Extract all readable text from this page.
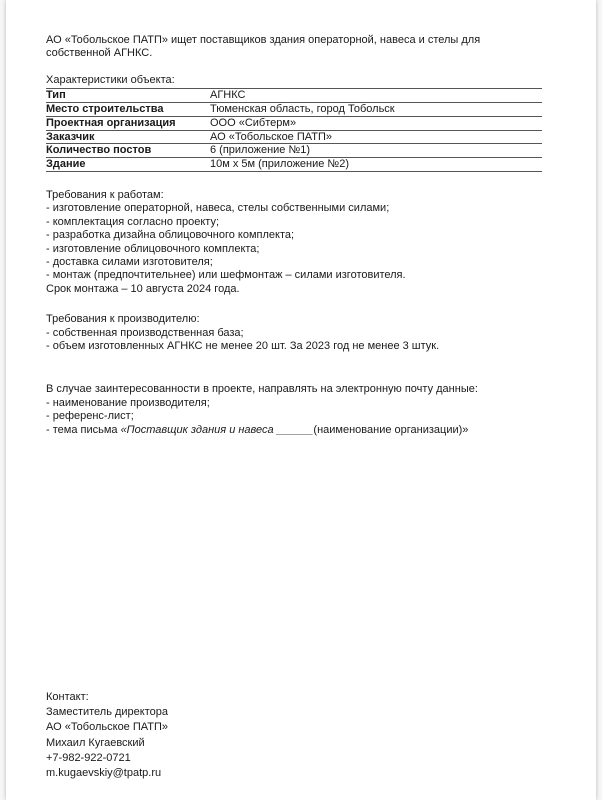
АО «Тобольское ПАТП» ищет поставщиков здания операторной, навеса и стелы для собственной АГНКС.

Характеристики объекта:

Тип	АГНКС
Место строительства	Тюменская область, город Тобольск
Проектная организация	ООО «Сибтерм»
Заказчик	АО «Тобольское ПАТП»
Количество постов	6 (приложение №1)
Здание	10м х 5м (приложение №2)

Требования к работам:

- изготовление операторной, навеса, стелы собственными силами;

- комплектация согласно проекту;

- разработка дизайна облицовочного комплекта;

- изготовление облицовочного комплекта;

- доставка силами изготовителя;

- монтаж (предпочтительнее) или шефмонтаж – силами изготовителя.

Срок монтажа – 10 августа 2024 года.

Требования к производителю:

- собственная производственная база;

- объем изготовленных АГНКС не менее 20 шт. За 2023 год не менее 3 штук.

В случае заинтересованности в проекте, направлять на электронную почту данные:

- наименование производителя;

- референс-лист;

- тема письма «Поставщик здания и навеса ______(наименование организации)»

Контакт:

Заместитель директора

АО «Тобольское ПАТП»

Михаил Кугаевский

+7-982-922-0721

m.kugaevskiy@tpatp.ru
